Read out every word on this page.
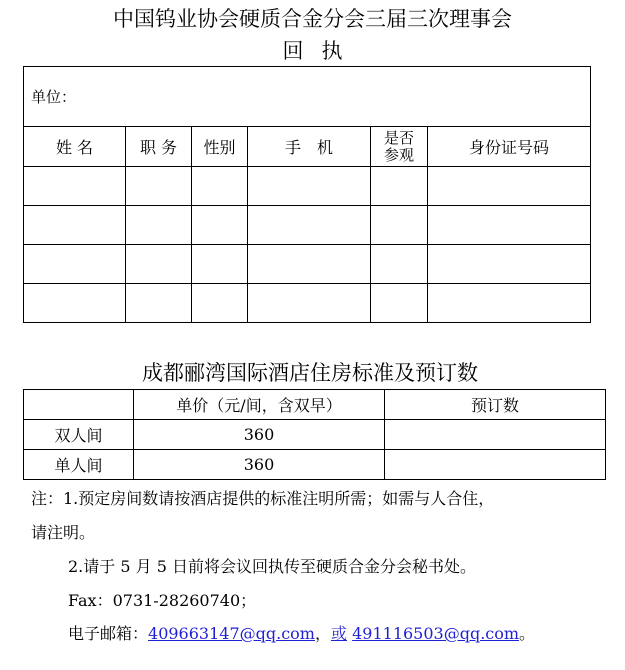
中国钨业协会硬质合金分会三届三次理事会
回执
单位：					
姓 名	职 务	性别	手　机	是否参观	身份证号码

成都郦湾国际酒店住房标准及预订数
	单价（元/间，含双早）	预订数
双人间	360	
单人间	360	
注：1.预定房间数请按酒店提供的标准注明所需；如需与人合住，
请注明。
2.请于 5 月 5 日前将会议回执传至硬质合金分会秘书处。
Fax：0731-28260740；
电子邮箱：409663147@qq.com，或 491116503@qq.com。
